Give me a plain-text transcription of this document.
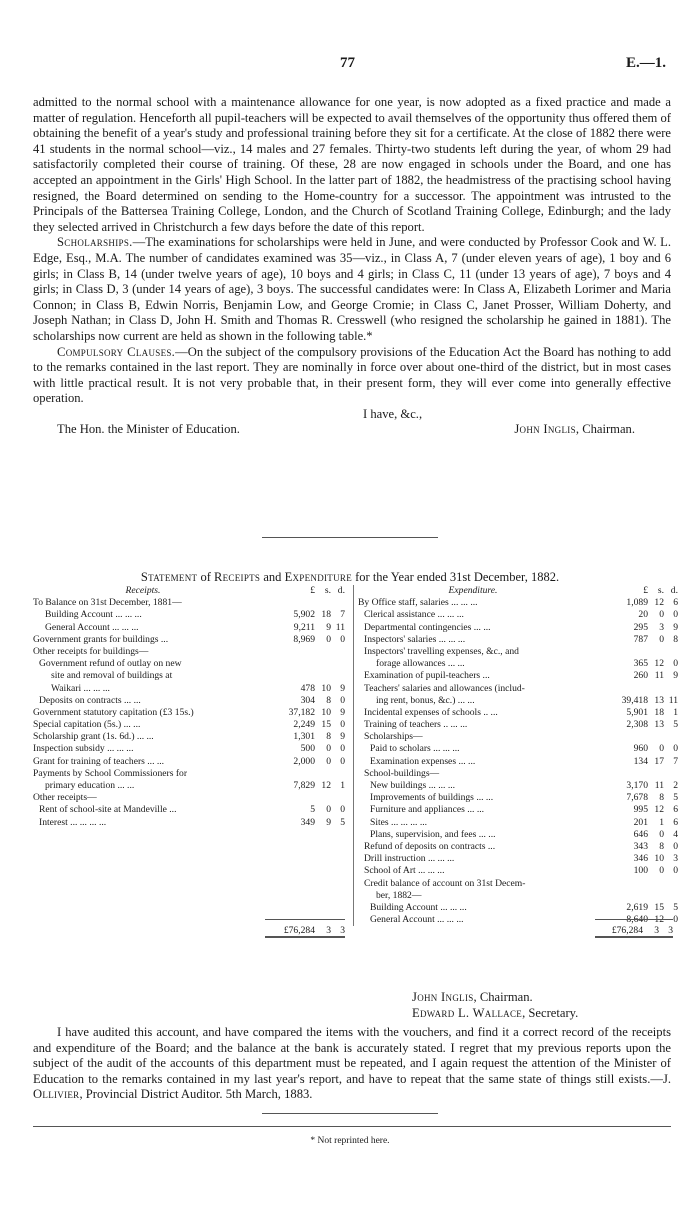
77	E.—1.

admitted to the normal school with a maintenance allowance for one year, is now adopted as a fixed practice and made a matter of regulation. Henceforth all pupil-teachers will be expected to avail themselves of the opportunity thus offered them of obtaining the benefit of a year's study and professional training before they sit for a certificate. At the close of 1882 there were 41 students in the normal school—viz., 14 males and 27 females. Thirty-two students left during the year, of whom 29 had satisfactorily completed their course of training. Of these, 28 are now engaged in schools under the Board, and one has accepted an appointment in the Girls' High School. In the latter part of 1882, the headmistress of the practising school having resigned, the Board determined on sending to the Home-country for a successor. The appointment was intrusted to the Principals of the Battersea Training College, London, and the Church of Scotland Training College, Edinburgh; and the lady they selected arrived in Christchurch a few days before the date of this report.

Scholarships.—The examinations for scholarships were held in June, and were conducted by Professor Cook and W. L. Edge, Esq., M.A. The number of candidates examined was 35—viz., in Class A, 7 (under eleven years of age), 1 boy and 6 girls; in Class B, 14 (under twelve years of age), 10 boys and 4 girls; in Class C, 11 (under 13 years of age), 7 boys and 4 girls; in Class D, 3 (under 14 years of age), 3 boys. The successful candidates were: In Class A, Elizabeth Lorimer and Maria Connon; in Class B, Edwin Norris, Benjamin Low, and George Cromie; in Class C, Janet Prosser, William Doherty, and Joseph Nathan; in Class D, John H. Smith and Thomas R. Cresswell (who resigned the scholarship he gained in 1881). The scholarships now current are held as shown in the following table.*

Compulsory Clauses.—On the subject of the compulsory provisions of the Education Act the Board has nothing to add to the remarks contained in the last report. They are nominally in force over about one-third of the district, but in most cases with little practical result. It is not very probable that, in their present form, they will ever come into generally effective operation.

I have, &c.,
The Hon. the Minister of Education.	John Inglis, Chairman.
Statement of Receipts and Expenditure for the Year ended 31st December, 1882.
Receipts.	£ s. d.
To Balance on 31st December, 1881—
Building Account ... ... ...	5,902 18 7
General Account ... ... ...	9,211 9 11
Government grants for buildings ...	8,969 0 0
Other receipts for buildings—
Government refund of outlay on new
site and removal of buildings at
Waikari ... ... ...	478 10 9
Deposits on contracts ... ...	304 8 0
Government statutory capitation (£3 15s.)	37,182 10 9
Special capitation (5s.) ... ...	2,249 15 0
Scholarship grant (1s. 6d.) ... ...	1,301 8 9
Inspection subsidy ... ... ...	500 0 0
Grant for training of teachers ... ...	2,000 0 0
Payments by School Commissioners for
primary education ... ...	7,829 12 1
Other receipts—
Rent of school-site at Mandeville ...	5 0 0
Interest ... ... ... ...	349 9 5
Expenditure.	£ s. d.
By Office staff, salaries ... ... ...	1,089 12 6
Clerical assistance ... ... ...	20 0 0
Departmental contingencies ... ...	295 3 9
Inspectors' salaries ... ... ...	787 0 8
Inspectors' travelling expenses, &c., and
forage allowances ... ...	365 12 0
Examination of pupil-teachers ...	260 11 9
Teachers' salaries and allowances (includ-
ing rent, bonus, &c.) ... ...	39,418 13 11
Incidental expenses of schools .. ...	5,901 18 1
Training of teachers .. ... ...	2,308 13 5
Scholarships—
Paid to scholars ... ... ...	960 0 0
Examination expenses ... ...	134 17 7
School-buildings—
New buildings ... ... ...	3,170 11 2
Improvements of buildings ... ...	7,678 8 5
Furniture and appliances ... ...	995 12 6
Sites ... ... ... ...	201 1 6
Plans, supervision, and fees ... ...	646 0 4
Refund of deposits on contracts ...	343 8 0
Drill instruction ... ... ...	346 10 3
School of Art ... ... ...	100 0 0
Credit balance of account on 31st Decem-
ber, 1882—
Building Account ... ... ...	2,619 15 5
General Account ... ... ...	8,640 12 0
£76,284 3 3	£76,284 3 3
John Inglis, Chairman.
Edward L. Wallace, Secretary.

I have audited this account, and have compared the items with the vouchers, and find it a correct record of the receipts and expenditure of the Board; and the balance at the bank is accurately stated. I regret that my previous reports upon the subject of the audit of the accounts of this department must be repeated, and I again request the attention of the Minister of Education to the remarks contained in my last year's report, and have to repeat that the same state of things still exists.—J. Ollivier, Provincial District Auditor. 5th March, 1883.

* Not reprinted here.
